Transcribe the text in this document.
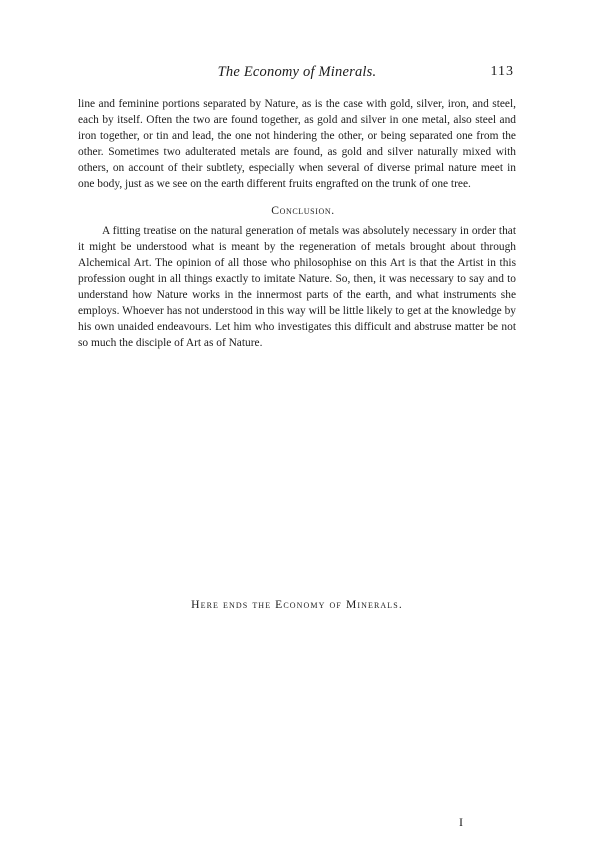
The Economy of Minerals.	113

line and feminine portions separated by Nature, as is the case with gold, silver, iron, and steel, each by itself. Often the two are found together, as gold and silver in one metal, also steel and iron together, or tin and lead, the one not hindering the other, or being separated one from the other. Sometimes two adulterated metals are found, as gold and silver naturally mixed with others, on account of their subtlety, especially when several of diverse primal nature meet in one body, just as we see on the earth different fruits engrafted on the trunk of one tree.

Conclusion.

A fitting treatise on the natural generation of metals was absolutely necessary in order that it might be understood what is meant by the regeneration of metals brought about through Alchemical Art. The opinion of all those who philosophise on this Art is that the Artist in this profession ought in all things exactly to imitate Nature. So, then, it was necessary to say and to understand how Nature works in the innermost parts of the earth, and what instruments she employs. Whoever has not understood in this way will be little likely to get at the knowledge by his own unaided endeavours. Let him who investigates this difficult and abstruse matter be not so much the disciple of Art as of Nature.

Here ends the Economy of Minerals.
I
